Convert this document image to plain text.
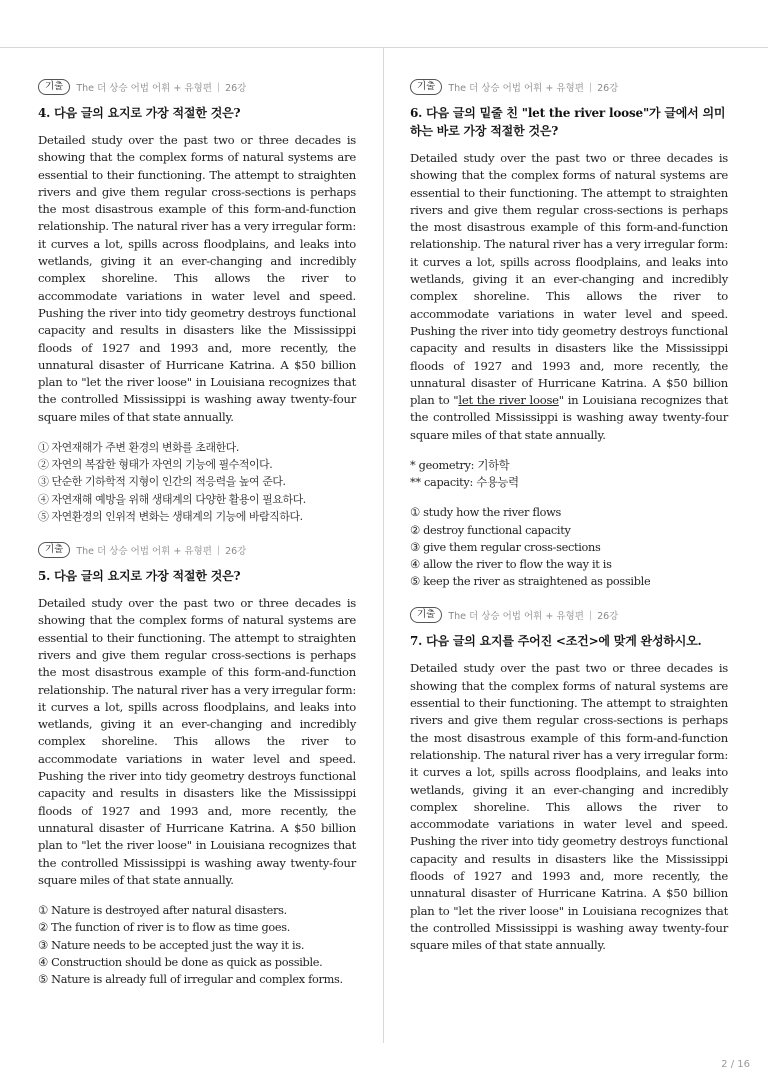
기출	The 더 상승 어법 어휘 + 유형편 | 26강
4. 다음 글의 요지로 가장 적절한 것은?

Detailed study over the past two or three decades is showing that the complex forms of natural systems are essential to their functioning. The attempt to straighten rivers and give them regular cross-sections is perhaps the most disastrous example of this form-and-function relationship. The natural river has a very irregular form: it curves a lot, spills across floodplains, and leaks into wetlands, giving it an ever-changing and incredibly complex shoreline. This allows the river to accommodate variations in water level and speed. Pushing the river into tidy geometry destroys functional capacity and results in disasters like the Mississippi floods of 1927 and 1993 and, more recently, the unnatural disaster of Hurricane Katrina. A $50 billion plan to "let the river loose" in Louisiana recognizes that the controlled Mississippi is washing away twenty-four square miles of that state annually.

① 자연재해가 주변 환경의 변화를 초래한다.
② 자연의 복잡한 형태가 자연의 기능에 필수적이다.
③ 단순한 기하학적 지형이 인간의 적응력을 높여 준다.
④ 자연재해 예방을 위해 생태계의 다양한 활용이 필요하다.
⑤ 자연환경의 인위적 변화는 생태계의 기능에 바람직하다.
기출	The 더 상승 어법 어휘 + 유형편 | 26강
5. 다음 글의 요지로 가장 적절한 것은?

Detailed study over the past two or three decades is showing that the complex forms of natural systems are essential to their functioning. The attempt to straighten rivers and give them regular cross-sections is perhaps the most disastrous example of this form-and-function relationship. The natural river has a very irregular form: it curves a lot, spills across floodplains, and leaks into wetlands, giving it an ever-changing and incredibly complex shoreline. This allows the river to accommodate variations in water level and speed. Pushing the river into tidy geometry destroys functional capacity and results in disasters like the Mississippi floods of 1927 and 1993 and, more recently, the unnatural disaster of Hurricane Katrina. A $50 billion plan to "let the river loose" in Louisiana recognizes that the controlled Mississippi is washing away twenty-four square miles of that state annually.

① Nature is destroyed after natural disasters.
② The function of river is to flow as time goes.
③ Nature needs to be accepted just the way it is.
④ Construction should be done as quick as possible.
⑤ Nature is already full of irregular and complex forms.
기출	The 더 상승 어법 어휘 + 유형편 | 26강
6. 다음 글의 밑줄 친 "let the river loose"가 글에서 의미하는 바로 가장 적절한 것은?

Detailed study over the past two or three decades is showing that the complex forms of natural systems are essential to their functioning. The attempt to straighten rivers and give them regular cross-sections is perhaps the most disastrous example of this form-and-function relationship. The natural river has a very irregular form: it curves a lot, spills across floodplains, and leaks into wetlands, giving it an ever-changing and incredibly complex shoreline. This allows the river to accommodate variations in water level and speed. Pushing the river into tidy geometry destroys functional capacity and results in disasters like the Mississippi floods of 1927 and 1993 and, more recently, the unnatural disaster of Hurricane Katrina. A $50 billion plan to "let the river loose" in Louisiana recognizes that the controlled Mississippi is washing away twenty-four square miles of that state annually.

* geometry: 기하학
** capacity: 수용능력
① study how the river flows
② destroy functional capacity
③ give them regular cross-sections
④ allow the river to flow the way it is
⑤ keep the river as straightened as possible
기출	The 더 상승 어법 어휘 + 유형편 | 26강
7. 다음 글의 요지를 주어진 <조건>에 맞게 완성하시오.

Detailed study over the past two or three decades is showing that the complex forms of natural systems are essential to their functioning. The attempt to straighten rivers and give them regular cross-sections is perhaps the most disastrous example of this form-and-function relationship. The natural river has a very irregular form: it curves a lot, spills across floodplains, and leaks into wetlands, giving it an ever-changing and incredibly complex shoreline. This allows the river to accommodate variations in water level and speed. Pushing the river into tidy geometry destroys functional capacity and results in disasters like the Mississippi floods of 1927 and 1993 and, more recently, the unnatural disaster of Hurricane Katrina. A $50 billion plan to "let the river loose" in Louisiana recognizes that the controlled Mississippi is washing away twenty-four square miles of that state annually.

2 / 16
